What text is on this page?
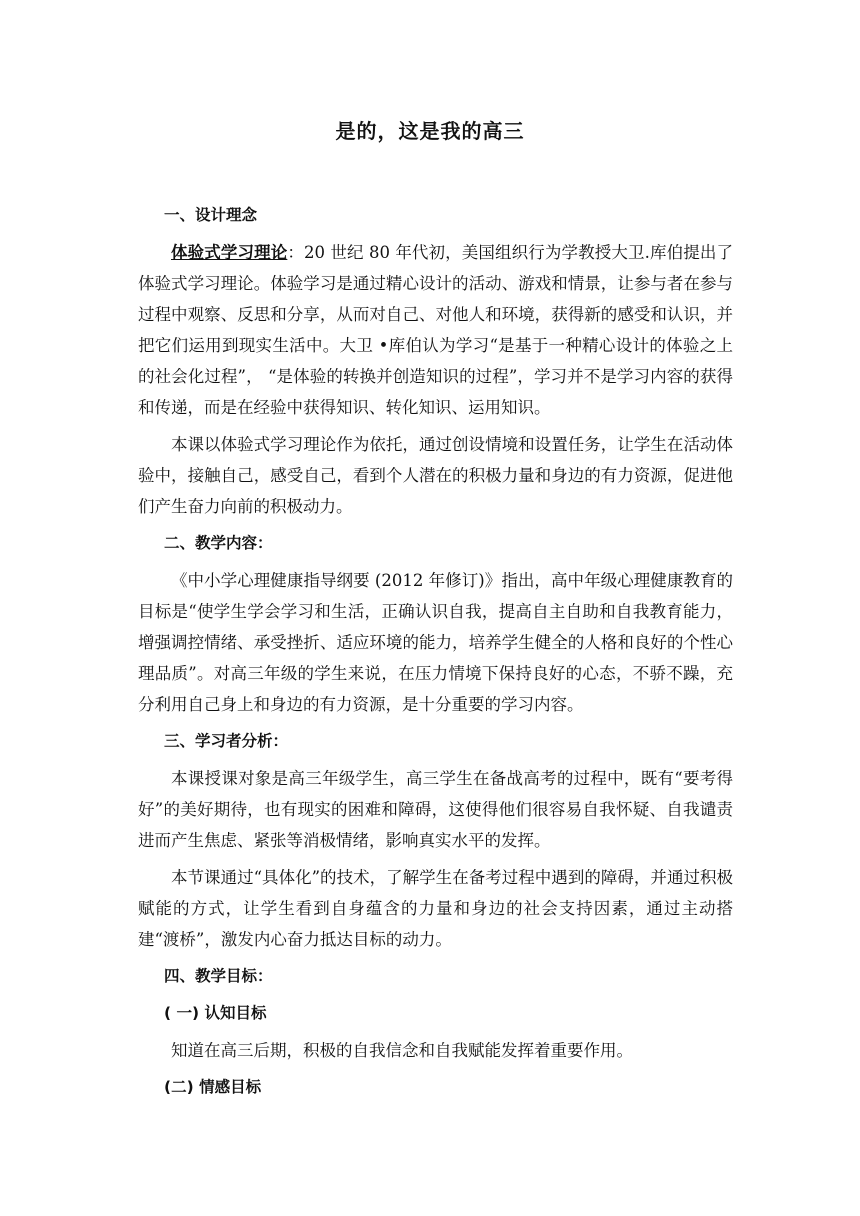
是的，这是我的高三

一、设计理念

体验式学习理论：20 世纪 80 年代初，美国组织行为学教授大卫.库伯提出了体验式学习理论。体验学习是通过精心设计的活动、游戏和情景，让参与者在参与过程中观察、反思和分享，从而对自己、对他人和环境，获得新的感受和认识，并把它们运用到现实生活中。大卫 •库伯认为学习“是基于一种精心设计的体验之上的社会化过程”， “是体验的转换并创造知识的过程”，学习并不是学习内容的获得和传递，而是在经验中获得知识、转化知识、运用知识。

本课以体验式学习理论作为依托，通过创设情境和设置任务，让学生在活动体验中，接触自己，感受自己，看到个人潜在的积极力量和身边的有力资源，促进他们产生奋力向前的积极动力。

二、教学内容：

《中小学心理健康指导纲要 (2012 年修订)》指出，高中年级心理健康教育的目标是“使学生学会学习和生活，正确认识自我，提高自主自助和自我教育能力，增强调控情绪、承受挫折、适应环境的能力，培养学生健全的人格和良好的个性心理品质”。对高三年级的学生来说，在压力情境下保持良好的心态，不骄不躁，充分利用自己身上和身边的有力资源，是十分重要的学习内容。

三、学习者分析：

本课授课对象是高三年级学生，高三学生在备战高考的过程中，既有“要考得好”的美好期待，也有现实的困难和障碍，这使得他们很容易自我怀疑、自我谴责进而产生焦虑、紧张等消极情绪，影响真实水平的发挥。

本节课通过“具体化”的技术，了解学生在备考过程中遇到的障碍，并通过积极赋能的方式，让学生看到自身蕴含的力量和身边的社会支持因素，通过主动搭建“渡桥”，激发内心奋力抵达目标的动力。

四、教学目标：

( 一) 认知目标

知道在高三后期，积极的自我信念和自我赋能发挥着重要作用。

(二) 情感目标
